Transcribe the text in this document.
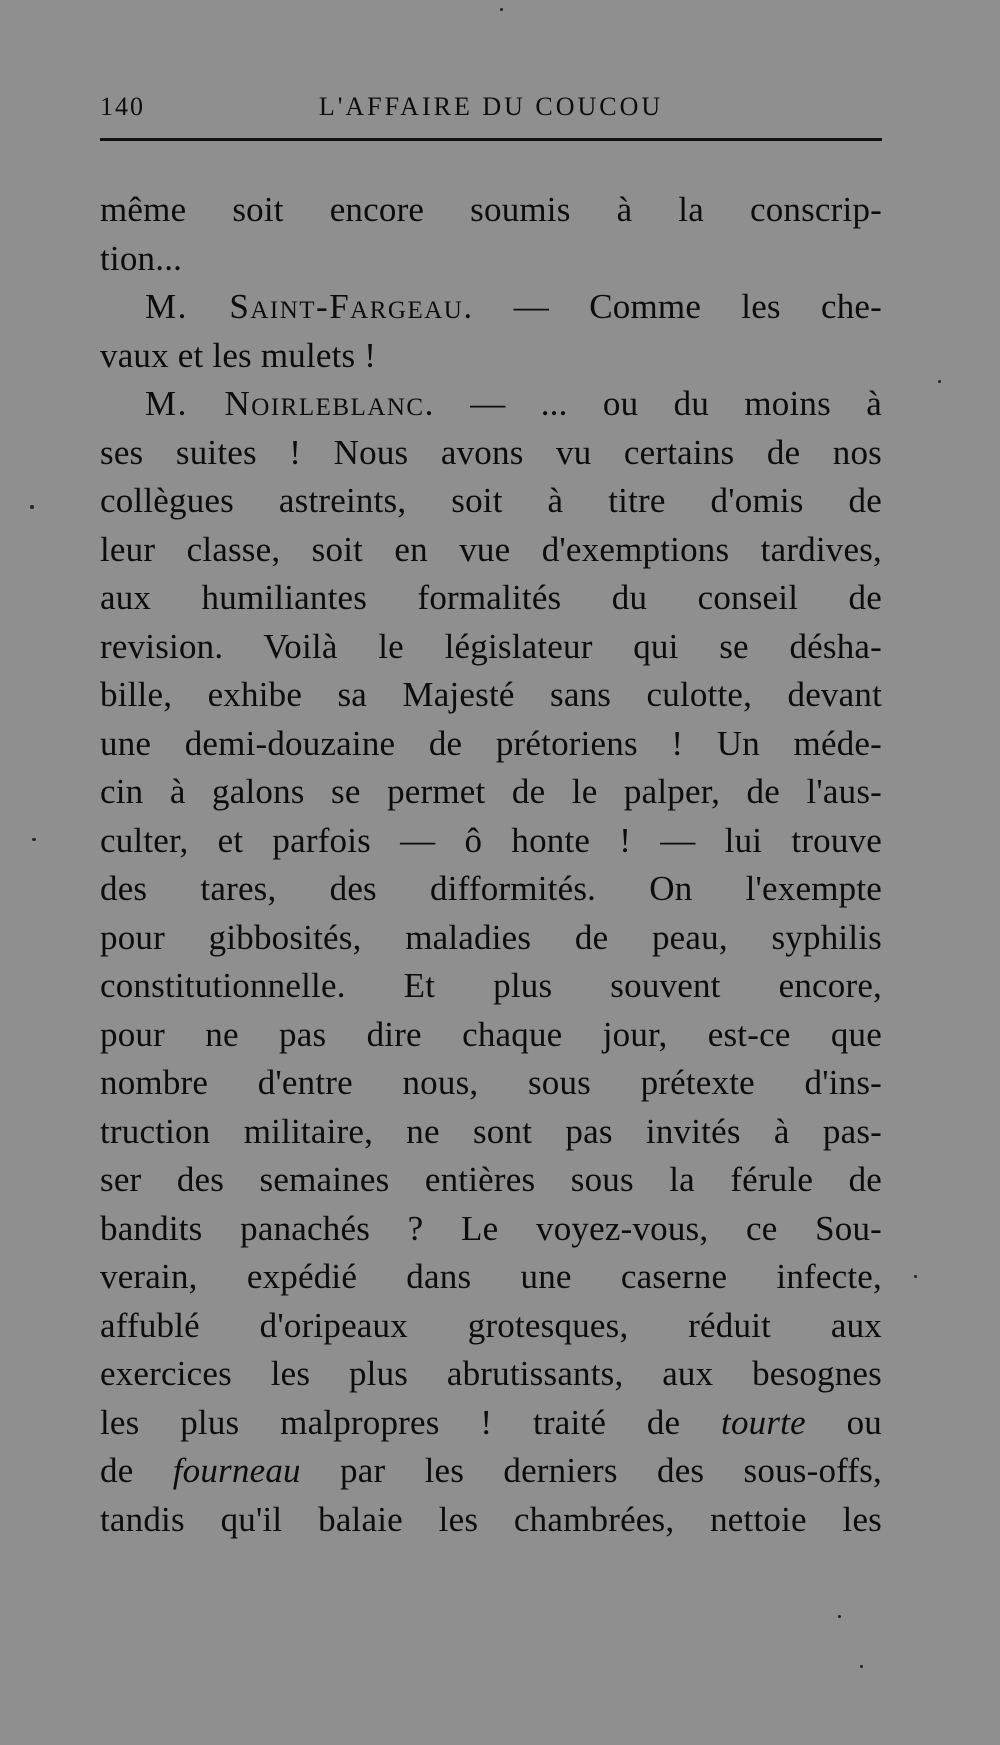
140	L'AFFAIRE DU COUCOU
même soit encore soumis à la conscrip-
tion...
M. Saint-Fargeau. — Comme les che-
vaux et les mulets !
M. Noirleblanc. — ... ou du moins à
ses suites ! Nous avons vu certains de nos
collègues astreints, soit à titre d'omis de
leur classe, soit en vue d'exemptions tardives,
aux humiliantes formalités du conseil de
revision. Voilà le législateur qui se désha-
bille, exhibe sa Majesté sans culotte, devant
une demi-douzaine de prétoriens ! Un méde-
cin à galons se permet de le palper, de l'aus-
culter, et parfois — ô honte ! — lui trouve
des tares, des difformités. On l'exempte
pour gibbosités, maladies de peau, syphilis
constitutionnelle. Et plus souvent encore,
pour ne pas dire chaque jour, est-ce que
nombre d'entre nous, sous prétexte d'ins-
truction militaire, ne sont pas invités à pas-
ser des semaines entières sous la férule de
bandits panachés ? Le voyez-vous, ce Sou-
verain, expédié dans une caserne infecte,
affublé d'oripeaux grotesques, réduit aux
exercices les plus abrutissants, aux besognes
les plus malpropres ! traité de tourte ou
de fourneau par les derniers des sous-offs,
tandis qu'il balaie les chambrées, nettoie les
